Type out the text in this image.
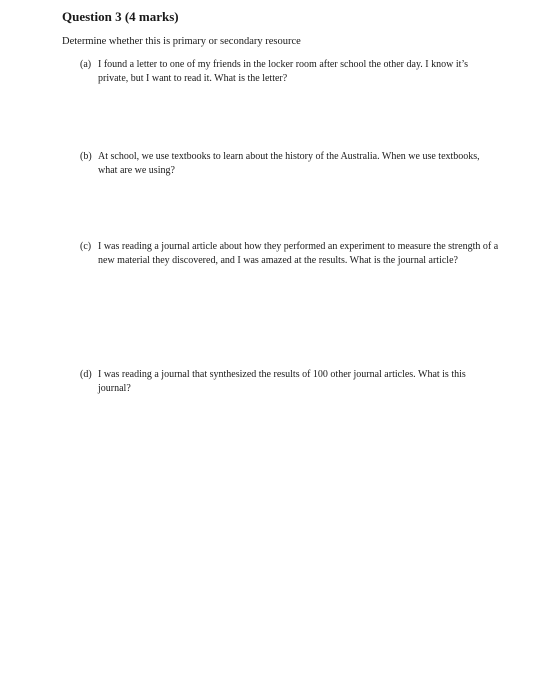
Question 3 (4 marks)

Determine whether this is primary or secondary resource

(a) I found a letter to one of my friends in the locker room after school the other day. I know it’s private, but I want to read it. What is the letter?
(b) At school, we use textbooks to learn about the history of the Australia. When we use textbooks, what are we using?
(c) I was reading a journal article about how they performed an experiment to measure the strength of a new material they discovered, and I was amazed at the results. What is the journal article?
(d) I was reading a journal that synthesized the results of 100 other journal articles. What is this journal?
